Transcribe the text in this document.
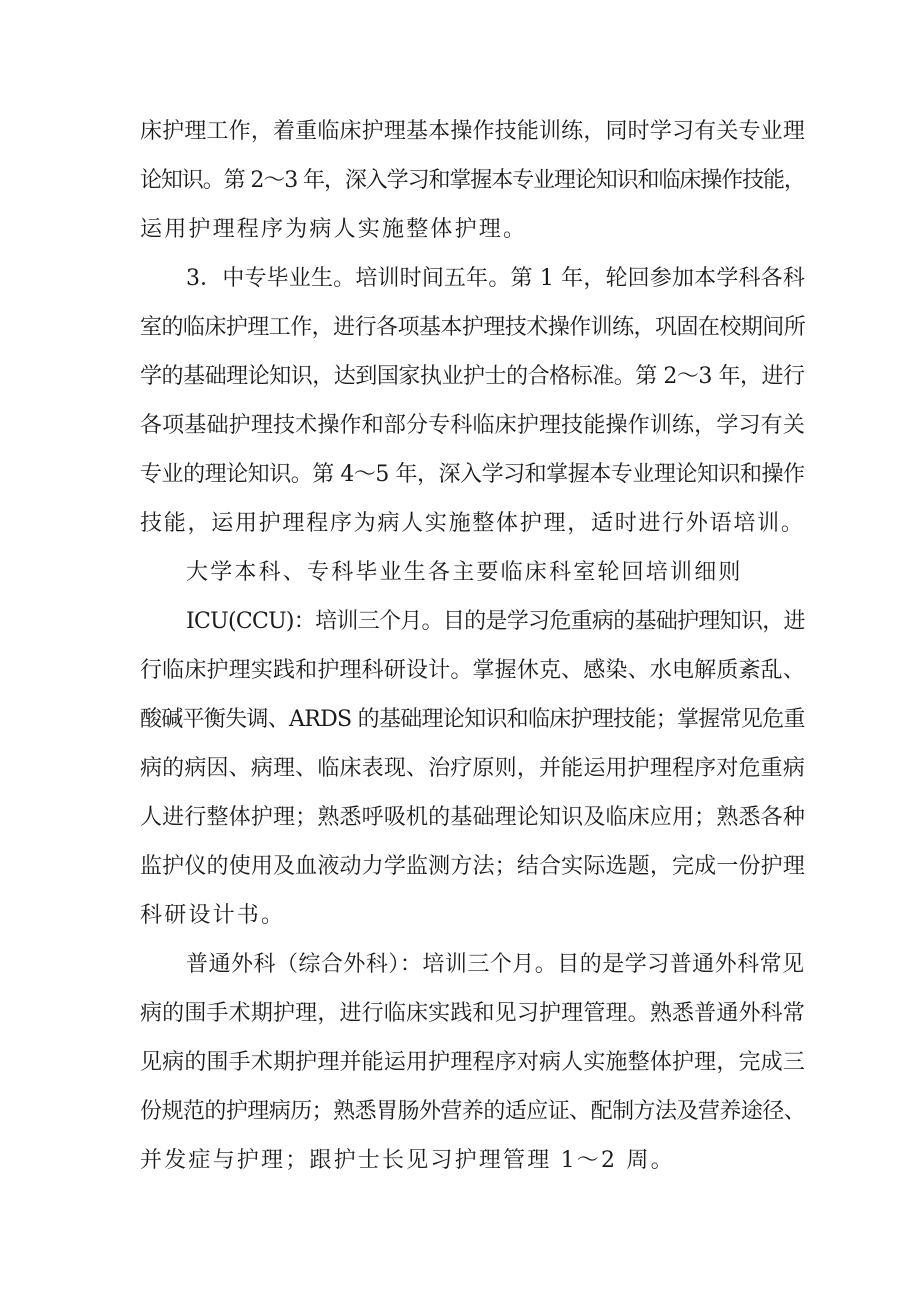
床护理工作，着重临床护理基本操作技能训练，同时学习有关专业理
论知识。第 2～3 年，深入学习和掌握本专业理论知识和临床操作技能，
运用护理程序为病人实施整体护理。
3．中专毕业生。培训时间五年。第 1 年，轮回参加本学科各科
室的临床护理工作，进行各项基本护理技术操作训练，巩固在校期间所
学的基础理论知识，达到国家执业护士的合格标准。第 2～3 年，进行
各项基础护理技术操作和部分专科临床护理技能操作训练，学习有关
专业的理论知识。第 4～5 年，深入学习和掌握本专业理论知识和操作
技能，运用护理程序为病人实施整体护理，适时进行外语培训。
大学本科、专科毕业生各主要临床科室轮回培训细则
ICU(CCU)：培训三个月。目的是学习危重病的基础护理知识，进
行临床护理实践和护理科研设计。掌握休克、感染、水电解质紊乱、
酸碱平衡失调、ARDS 的基础理论知识和临床护理技能；掌握常见危重
病的病因、病理、临床表现、治疗原则，并能运用护理程序对危重病
人进行整体护理；熟悉呼吸机的基础理论知识及临床应用；熟悉各种
监护仪的使用及血液动力学监测方法；结合实际选题，完成一份护理
科研设计书。
普通外科（综合外科）：培训三个月。目的是学习普通外科常见
病的围手术期护理，进行临床实践和见习护理管理。熟悉普通外科常
见病的围手术期护理并能运用护理程序对病人实施整体护理，完成三
份规范的护理病历；熟悉胃肠外营养的适应证、配制方法及营养途径、
并发症与护理；跟护士长见习护理管理 1～2 周。
